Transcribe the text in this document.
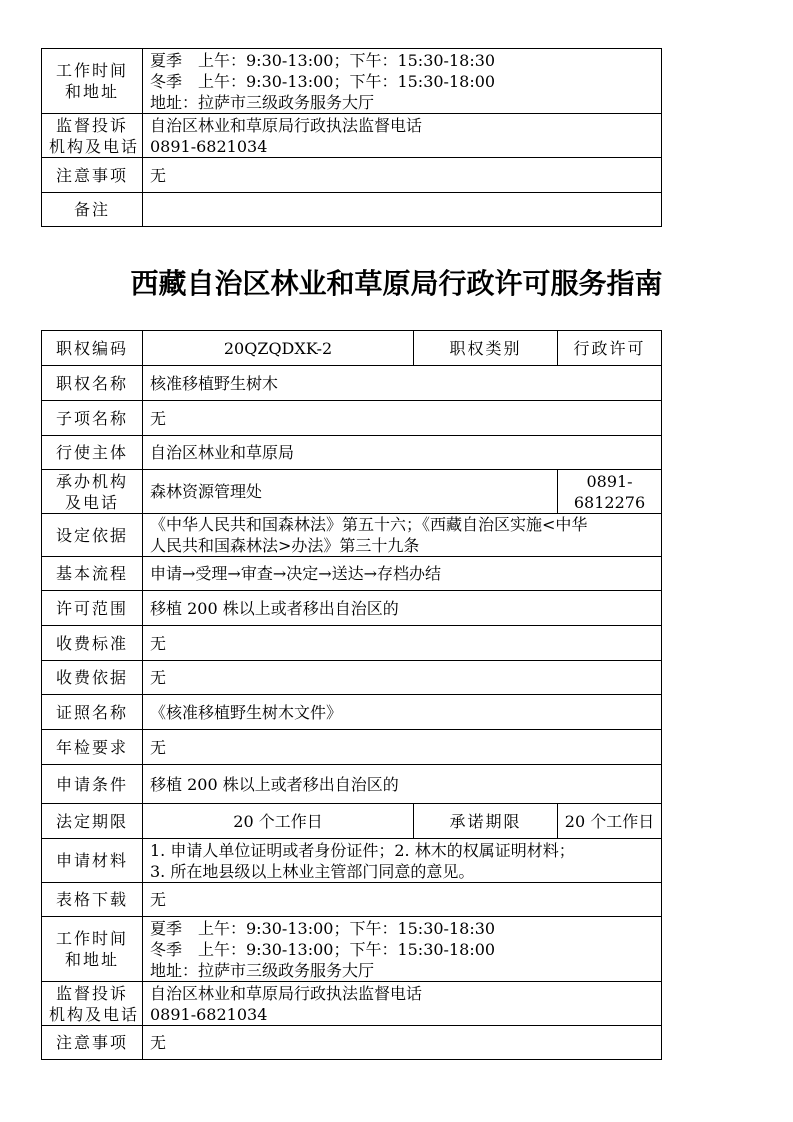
工作时间
和地址	夏季　上午：9:30-13:00；下午：15:30-18:30
冬季　上午：9:30-13:00；下午：15:30-18:00
地址：拉萨市三级政务服务大厅

监督投诉
机构及电话	自治区林业和草原局行政执法监督电话
0891-6821034

注意事项	无
备注	
西藏自治区林业和草原局行政许可服务指南
职权编码	20QZQDXK-2	职权类别	行政许可
职权名称	核准移植野生树木		
子项名称	无		
行使主体	自治区林业和草原局		

承办机构
及电话	森林资源管理处		0891-6812276
设定依据	《中华人民共和国森林法》第五十六；《西藏自治区实施<中华
人民共和国森林法>办法》第三十九条		

基本流程	申请→受理→审查→决定→送达→存档办结		
许可范围	移植 200 株以上或者移出自治区的		
收费标准	无		
收费依据	无		
证照名称	《核准移植野生树木文件》		
年检要求	无		
申请条件	移植 200 株以上或者移出自治区的		
法定期限	20 个工作日	承诺期限	20 个工作日
申请材料	1. 申请人单位证明或者身份证件；2. 林木的权属证明材料；
3. 所在地县级以上林业主管部门同意的意见。		

表格下载	无		

工作时间
和地址	夏季　上午：9:30-13:00；下午：15:30-18:30
冬季　上午：9:30-13:00；下午：15:30-18:00
地址：拉萨市三级政务服务大厅		

监督投诉
机构及电话	自治区林业和草原局行政执法监督电话
0891-6821034		

注意事项	无		
